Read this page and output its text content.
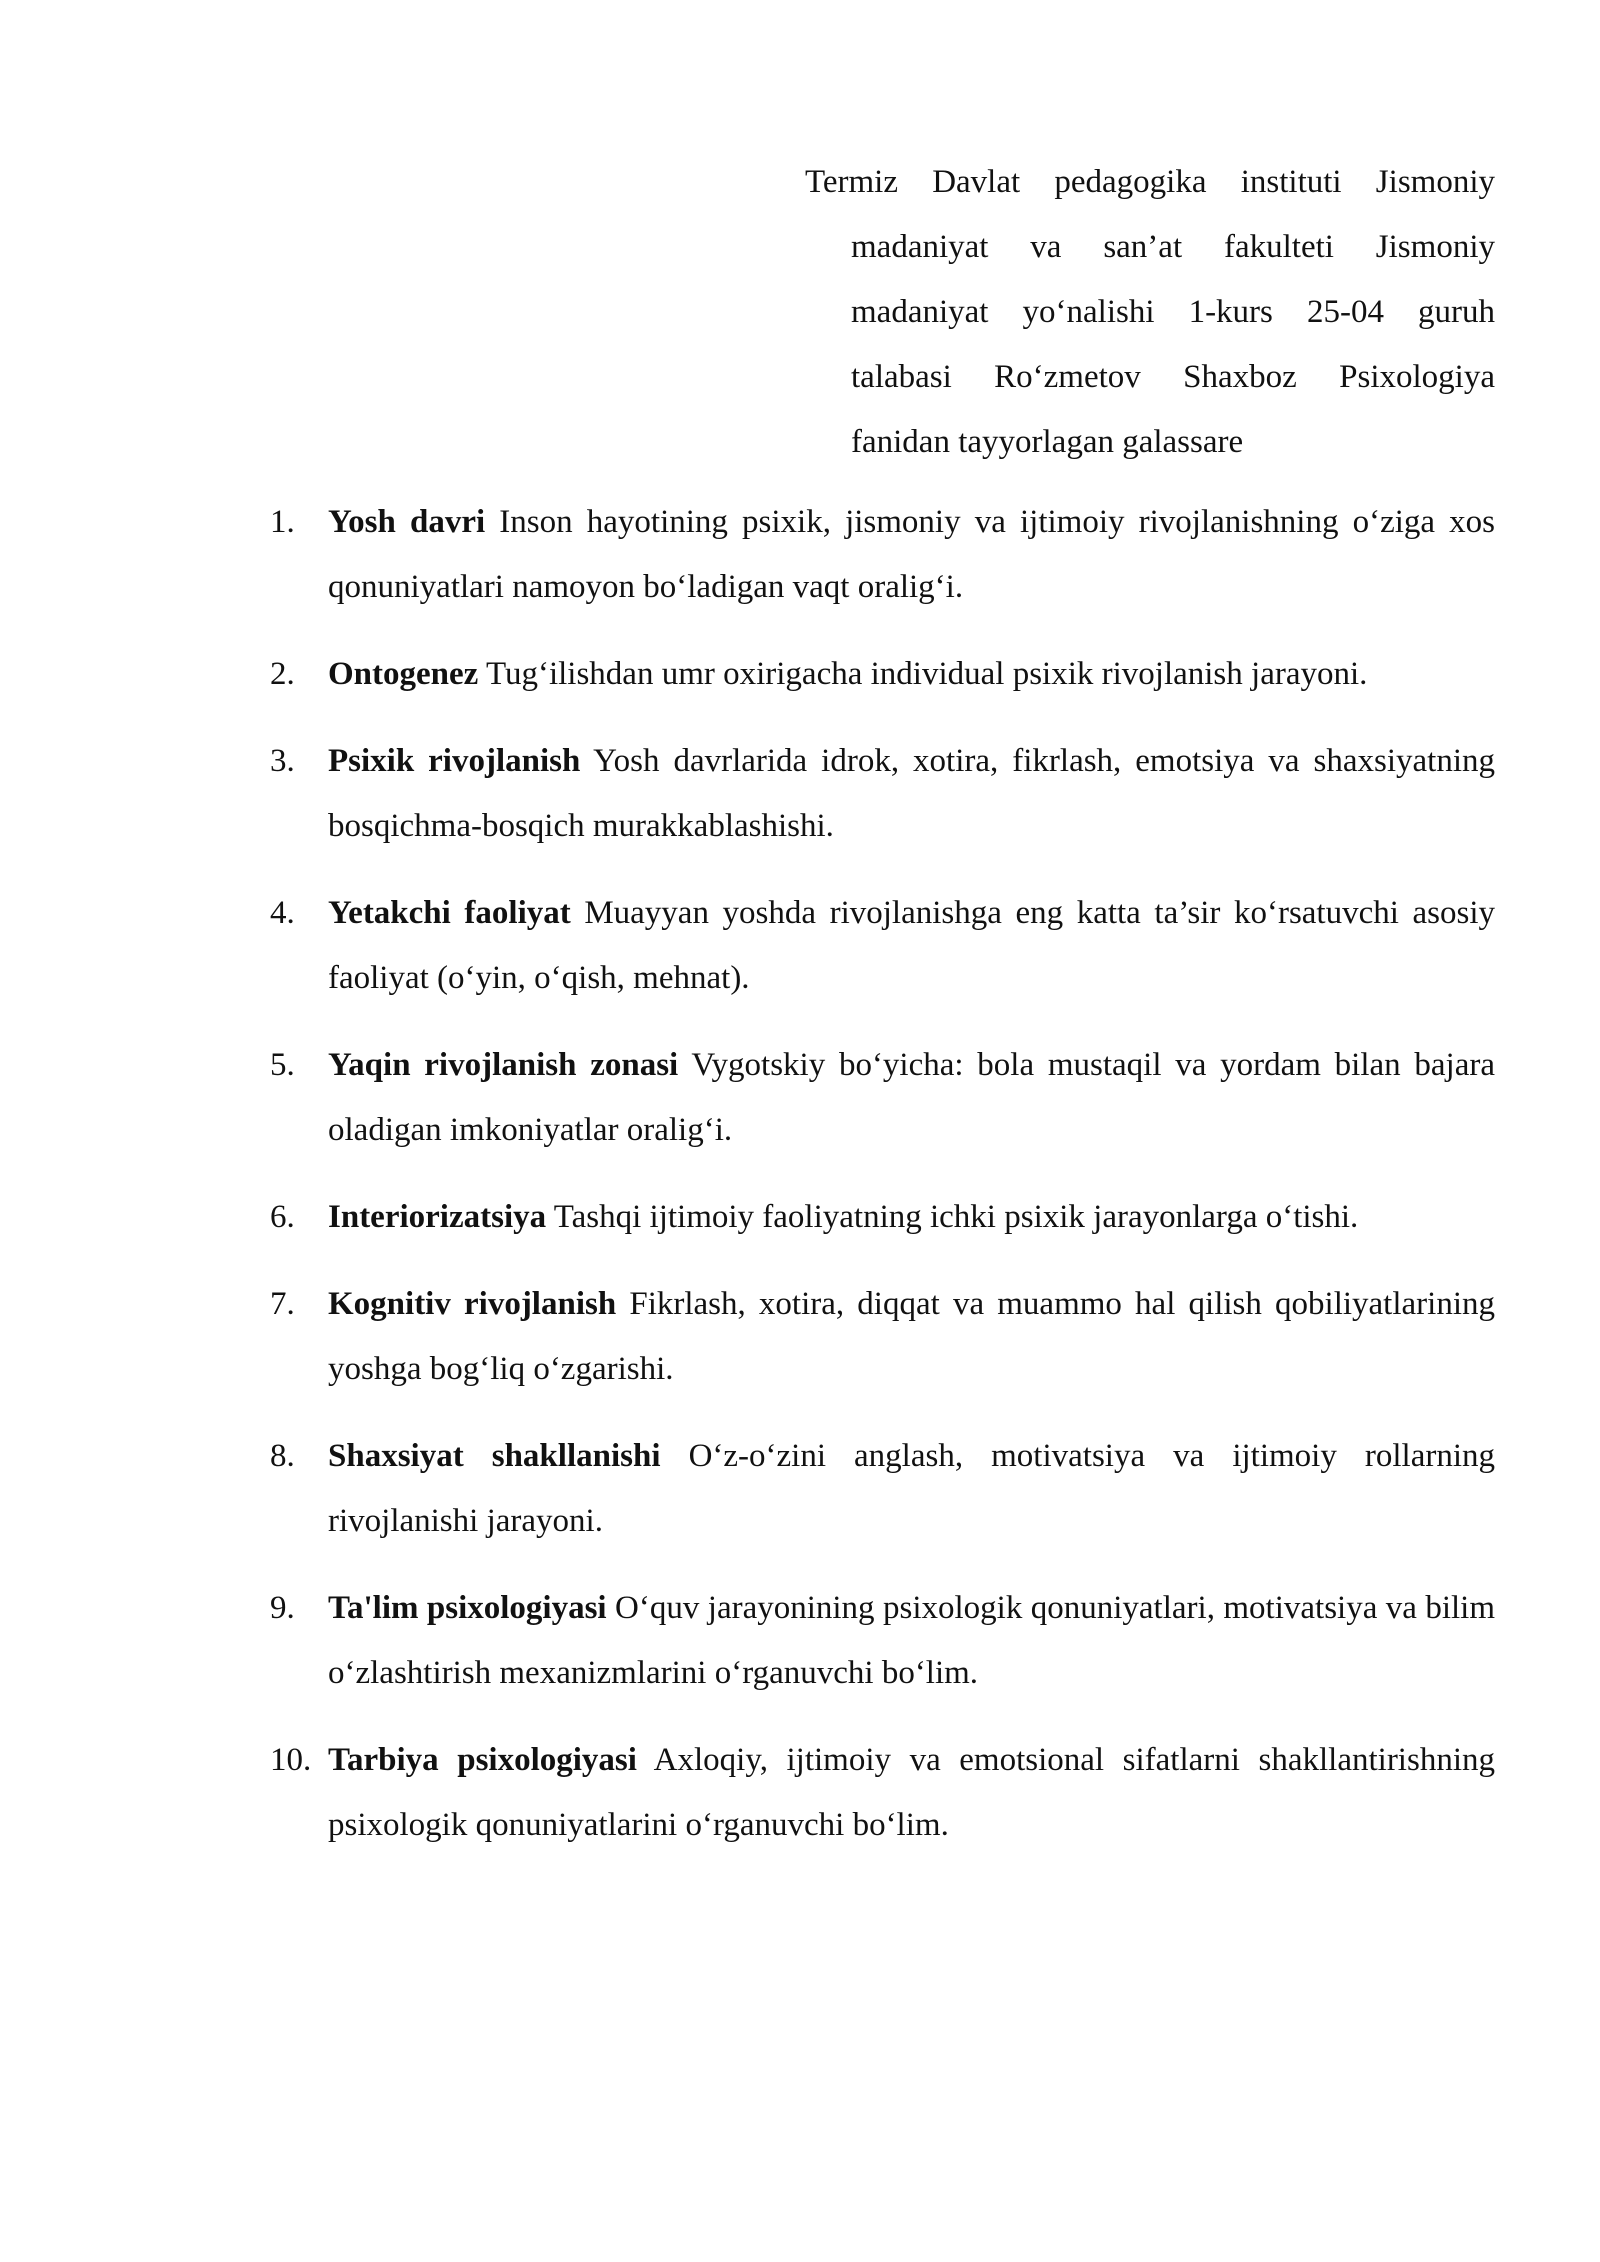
Termiz Davlat pedagogika instituti Jismoniy madaniyat va san’at fakulteti Jismoniy madaniyat yo‘nalishi 1-kurs 25-04 guruh talabasi Ro‘zmetov Shaxboz Psixologiya fanidan tayyorlagan galassare
1.	Yosh davri Inson hayotining psixik, jismoniy va ijtimoiy rivojlanishning o‘ziga xos qonuniyatlari namoyon bo‘ladigan vaqt oralig‘i.
2.	Ontogenez Tug‘ilishdan umr oxirigacha individual psixik rivojlanish jarayoni.
3.	Psixik rivojlanish Yosh davrlarida idrok, xotira, fikrlash, emotsiya va shaxsiyatning bosqichma-bosqich murakkablashishi.
4.	Yetakchi faoliyat Muayyan yoshda rivojlanishga eng katta ta’sir ko‘rsatuvchi asosiy faoliyat (o‘yin, o‘qish, mehnat).
5.	Yaqin rivojlanish zonasi Vygotskiy bo‘yicha: bola mustaqil va yordam bilan bajara oladigan imkoniyatlar oralig‘i.
6.	Interiorizatsiya Tashqi ijtimoiy faoliyatning ichki psixik jarayonlarga o‘tishi.
7.	Kognitiv rivojlanish Fikrlash, xotira, diqqat va muammo hal qilish qobiliyatlarining yoshga bog‘liq o‘zgarishi.
8.	Shaxsiyat shakllanishi O‘z-o‘zini anglash, motivatsiya va ijtimoiy rollarning rivojlanishi jarayoni.
9.	Ta'lim psixologiyasi O‘quv jarayonining psixologik qonuniyatlari, motivatsiya va bilim o‘zlashtirish mexanizmlarini o‘rganuvchi bo‘lim.
10. Tarbiya psixologiyasi Axloqiy, ijtimoiy va emotsional sifatlarni shakllantirishning psixologik qonuniyatlarini o‘rganuvchi bo‘lim.
